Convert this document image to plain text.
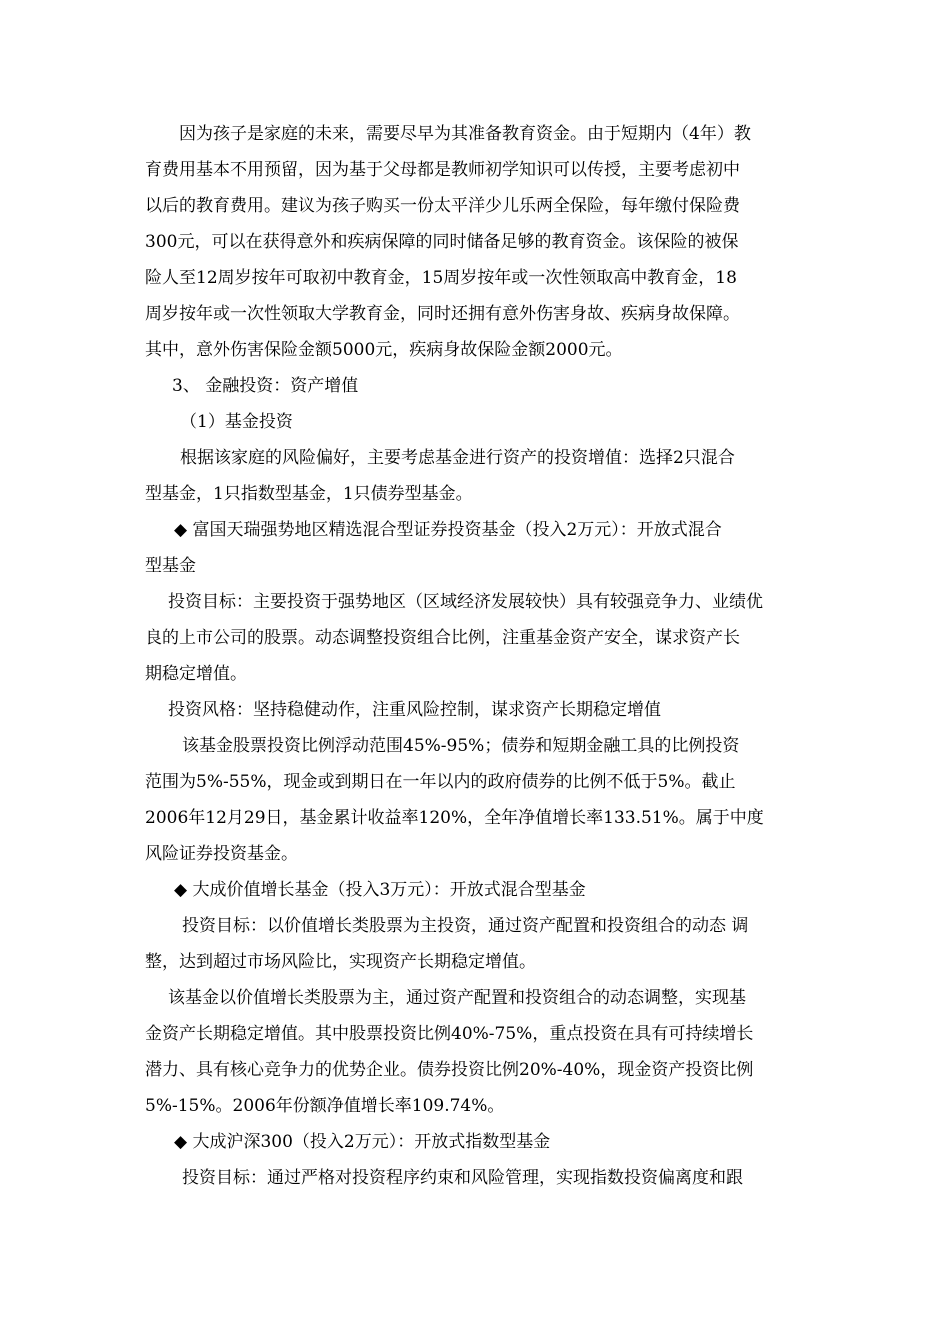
因为孩子是家庭的未来，需要尽早为其准备教育资金。由于短期内（4年）教
育费用基本不用预留，因为基于父母都是教师初学知识可以传授，主要考虑初中
以后的教育费用。建议为孩子购买一份太平洋少儿乐两全保险，每年缴付保险费
300元，可以在获得意外和疾病保障的同时储备足够的教育资金。该保险的被保
险人至12周岁按年可取初中教育金，15周岁按年或一次性领取高中教育金，18
周岁按年或一次性领取大学教育金，同时还拥有意外伤害身故、疾病身故保障。
其中，意外伤害保险金额5000元，疾病身故保险金额2000元。
3、 金融投资：资产增值
（1）基金投资
根据该家庭的风险偏好，主要考虑基金进行资产的投资增值：选择2只混合
型基金，1只指数型基金，1只债券型基金。
◆ 富国天瑞强势地区精选混合型证券投资基金（投入2万元）：开放式混合
型基金
投资目标：主要投资于强势地区（区域经济发展较快）具有较强竞争力、业绩优
良的上市公司的股票。动态调整投资组合比例，注重基金资产安全，谋求资产长
期稳定增值。
投资风格：坚持稳健动作，注重风险控制，谋求资产长期稳定增值
该基金股票投资比例浮动范围45%-95%；债券和短期金融工具的比例投资
范围为5%-55%，现金或到期日在一年以内的政府债券的比例不低于5%。截止
2006年12月29日，基金累计收益率120%，全年净值增长率133.51%。属于中度
风险证券投资基金。
◆ 大成价值增长基金（投入3万元）：开放式混合型基金
投资目标：以价值增长类股票为主投资，通过资产配置和投资组合的动态 调
整，达到超过市场风险比，实现资产长期稳定增值。
该基金以价值增长类股票为主，通过资产配置和投资组合的动态调整，实现基
金资产长期稳定增值。其中股票投资比例40%-75%，重点投资在具有可持续增长
潜力、具有核心竞争力的优势企业。债券投资比例20%-40%，现金资产投资比例
5%-15%。2006年份额净值增长率109.74%。
◆ 大成沪深300（投入2万元）：开放式指数型基金
投资目标：通过严格对投资程序约束和风险管理，实现指数投资偏离度和跟
